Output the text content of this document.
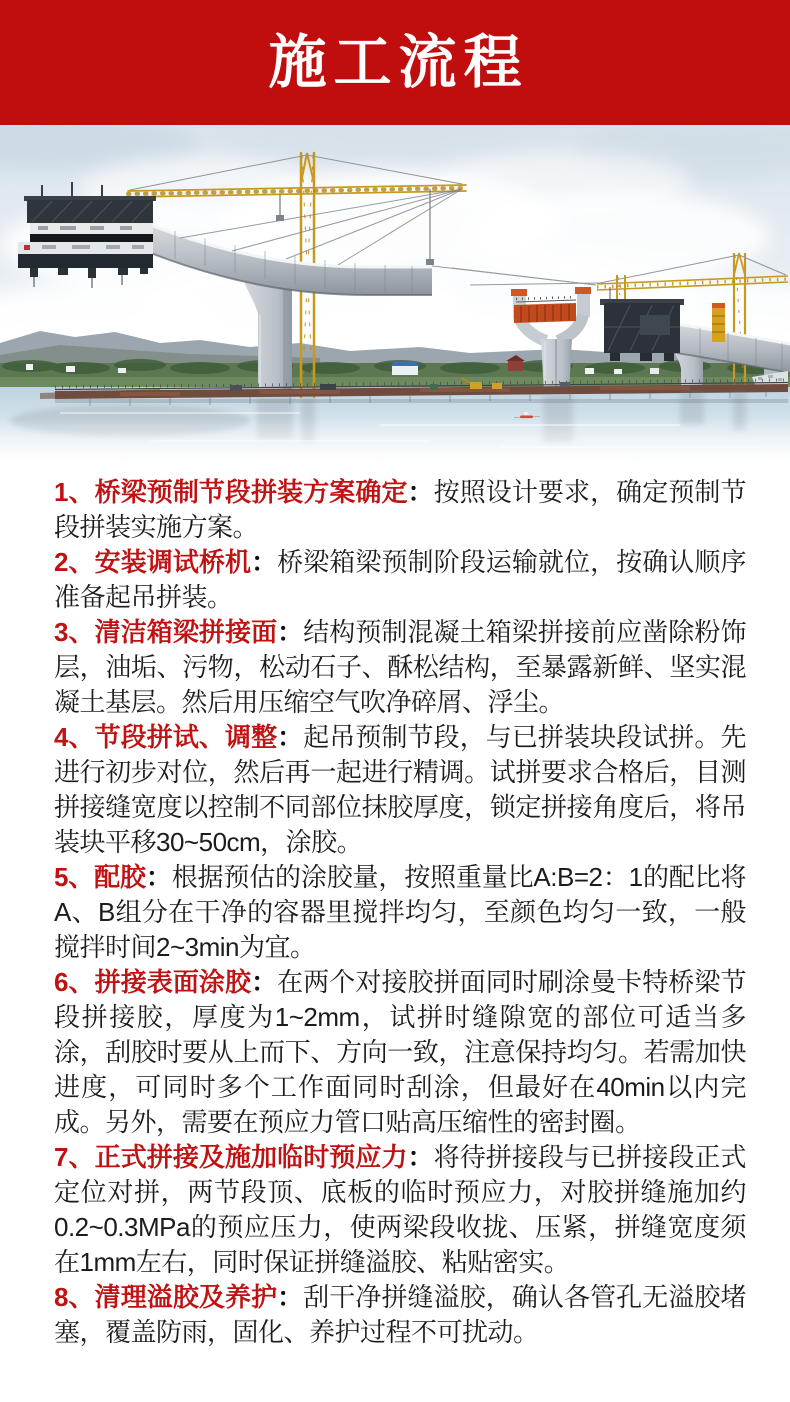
施工流程

1、桥梁预制节段拼装方案确定：按照设计要求，确定预制节段拼装实施方案。

2、安装调试桥机：桥梁箱梁预制阶段运输就位，按确认顺序准备起吊拼装。

3、清洁箱梁拼接面：结构预制混凝土箱梁拼接前应凿除粉饰层，油垢、污物，松动石子、酥松结构，至暴露新鲜、坚实混凝土基层。然后用压缩空气吹净碎屑、浮尘。

4、节段拼试、调整：起吊预制节段，与已拼装块段试拼。先进行初步对位，然后再一起进行精调。试拼要求合格后，目测拼接缝宽度以控制不同部位抹胶厚度，锁定拼接角度后，将吊装块平移30~50cm，涂胶。

5、配胶：根据预估的涂胶量，按照重量比A:B=2：1的配比将A、B组分在干净的容器里搅拌均匀，至颜色均匀一致，一般搅拌时间2~3min为宜。

6、拼接表面涂胶：在两个对接胶拼面同时刷涂曼卡特桥梁节段拼接胶，厚度为1~2mm，试拼时缝隙宽的部位可适当多涂，刮胶时要从上而下、方向一致，注意保持均匀。若需加快进度，可同时多个工作面同时刮涂，但最好在40min以内完成。另外，需要在预应力管口贴高压缩性的密封圈。

7、正式拼接及施加临时预应力：将待拼接段与已拼接段正式定位对拼，两节段顶、底板的临时预应力，对胶拼缝施加约0.2~0.3MPa的预应压力，使两梁段收拢、压紧，拼缝宽度须在1mm左右，同时保证拼缝溢胶、粘贴密实。

8、清理溢胶及养护：刮干净拼缝溢胶，确认各管孔无溢胶堵塞，覆盖防雨，固化、养护过程不可扰动。
